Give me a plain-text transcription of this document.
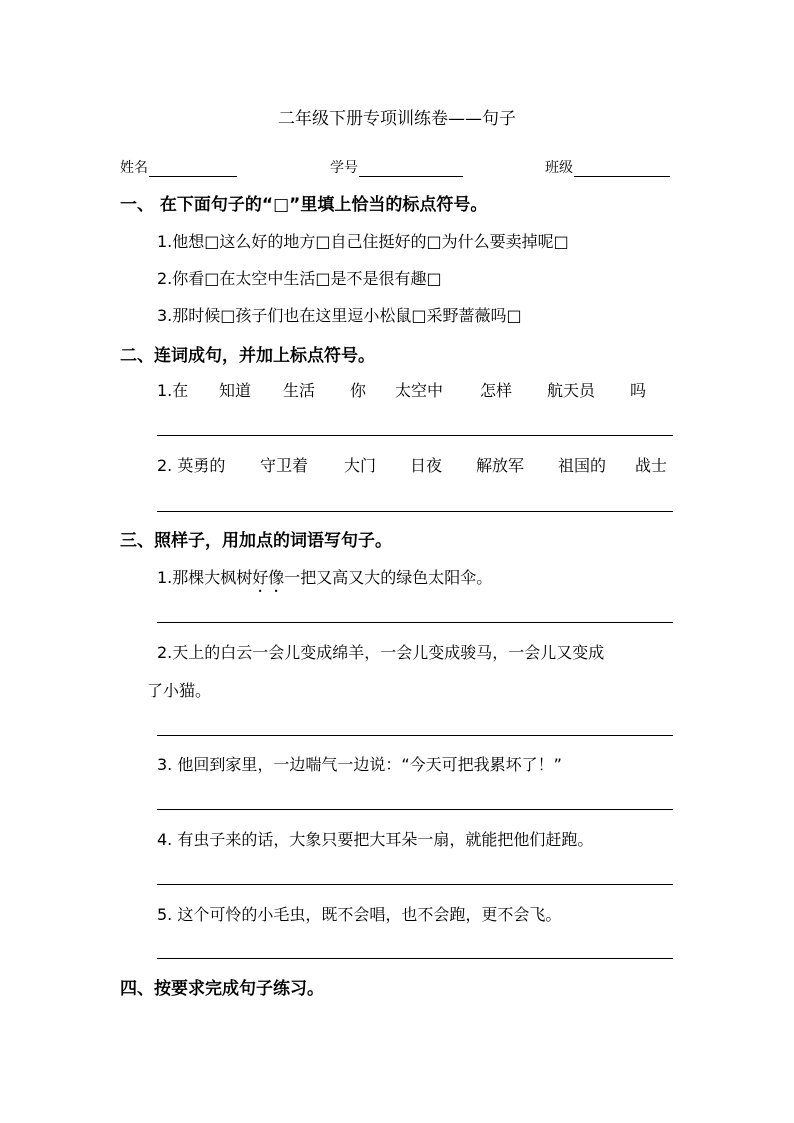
二年级下册专项训练卷——句子
姓名	学号	班级
一、 在下面句子的“□”里填上恰当的标点符号。
1.他想□这么好的地方□自己住挺好的□为什么要卖掉呢□
2.你看□在太空中生活□是不是很有趣□
3.那时候□孩子们也在这里逗小松鼠□采野蔷薇吗□
二、连词成句，并加上标点符号。
1.在 知道 生活 你 太空中 怎样 航天员 吗
2. 英勇的 守卫着 大门 日夜 解放军 祖国的 战士
三、照样子，用加点的词语写句子。
1.那棵大枫树好像一把又高又大的绿色太阳伞。
2.天上的白云一会儿变成绵羊，一会儿变成骏马，一会儿又变成
了小猫。
3. 他回到家里，一边喘气一边说：“今天可把我累坏了！”
4. 有虫子来的话，大象只要把大耳朵一扇，就能把他们赶跑。
5. 这个可怜的小毛虫，既不会唱，也不会跑，更不会飞。
四、按要求完成句子练习。
